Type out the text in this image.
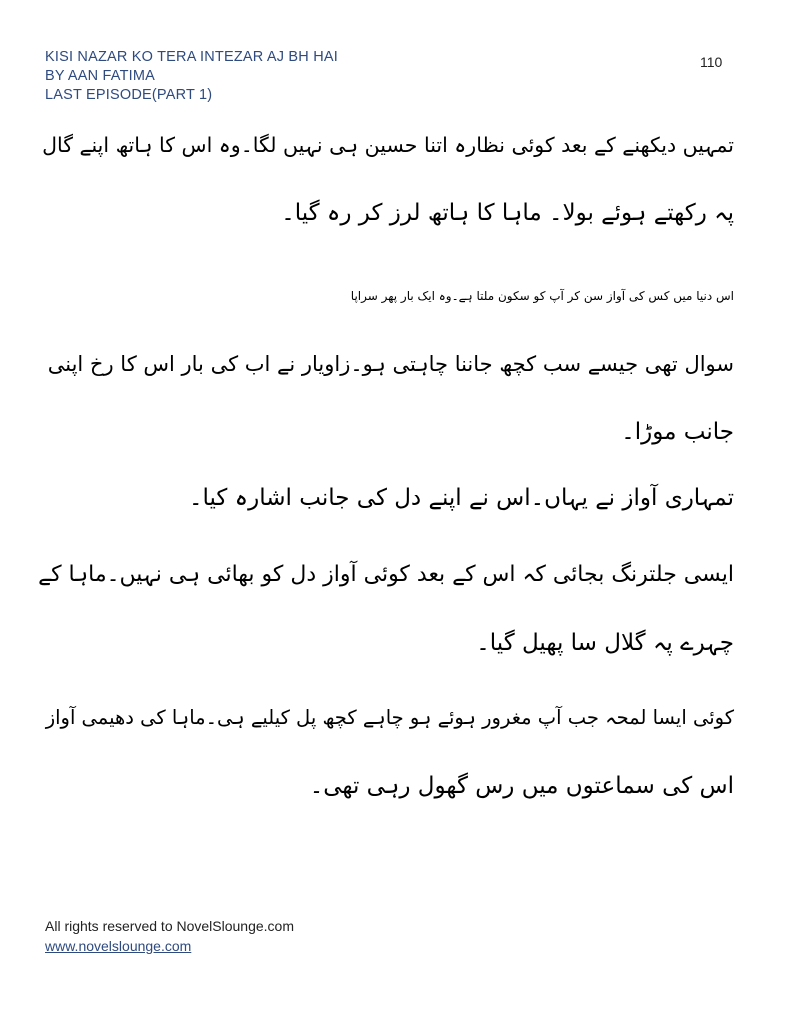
KISI NAZAR KO TERA INTEZAR AJ BH HAI
BY AAN FATIMA
LAST EPISODE(PART 1)
110
تمہیں دیکھنے کے بعد کوئی نظارہ اتنا حسین ہی نہیں لگا۔وہ اس کا ہاتھ اپنے گال
پہ رکھتے ہوئے بولا۔ ماہا کا ہاتھ لرز کر رہ گیا۔
اس دنیا میں کس کی آواز سن کر آپ کو سکون ملتا ہے۔وہ ایک بار پھر سراپا
سوال تھی جیسے سب کچھ جاننا چاہتی ہو۔زاویار نے اب کی بار اس کا رخ اپنی
جانب موڑا۔
تمہاری آواز نے یہاں۔اس نے اپنے دل کی جانب اشارہ کیا۔
ایسی جلترنگ بجائی کہ اس کے بعد کوئی آواز دل کو بھائی ہی نہیں۔ماہا کے
چہرے پہ گلال سا پھیل گیا۔
کوئی ایسا لمحہ جب آپ مغرور ہوئے ہو چاہے کچھ پل کیلیے ہی۔ماہا کی دھیمی آواز
اس کی سماعتوں میں رس گھول رہی تھی۔
All rights reserved to NovelSlounge.com
www.novelslounge.com
